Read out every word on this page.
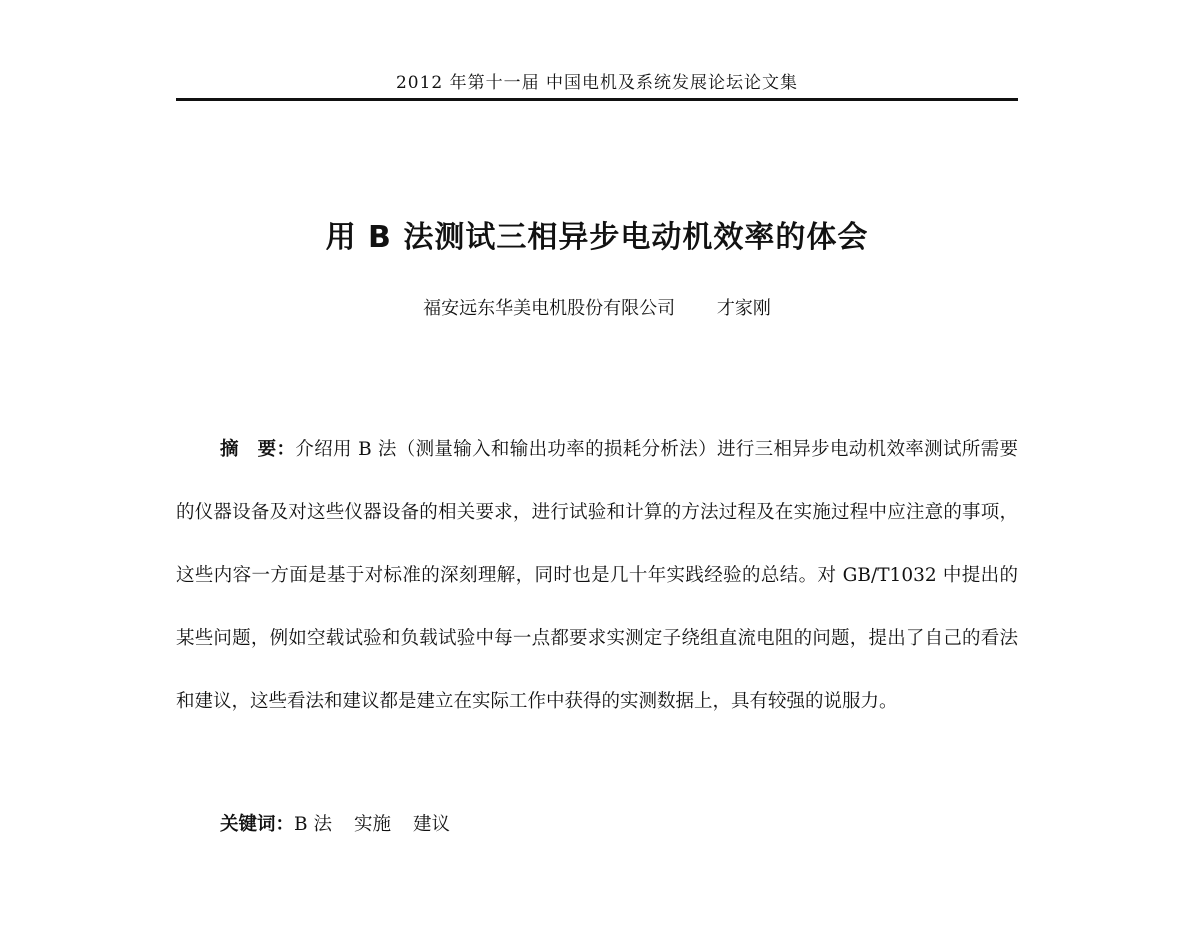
2012 年第十一届 中国电机及系统发展论坛论文集
用 B 法测试三相异步电动机效率的体会
福安远东华美电机股份有限公司 才家刚
摘　要：介绍用 B 法（测量输入和输出功率的损耗分析法）进行三相异步电动机效率测试所需要的仪器设备及对这些仪器设备的相关要求，进行试验和计算的方法过程及在实施过程中应注意的事项，这些内容一方面是基于对标准的深刻理解，同时也是几十年实践经验的总结。对 GB/T1032 中提出的某些问题，例如空载试验和负载试验中每一点都要求实测定子绕组直流电阻的问题，提出了自己的看法和建议，这些看法和建议都是建立在实际工作中获得的实测数据上，具有较强的说服力。
关键词：B 法 实施 建议
